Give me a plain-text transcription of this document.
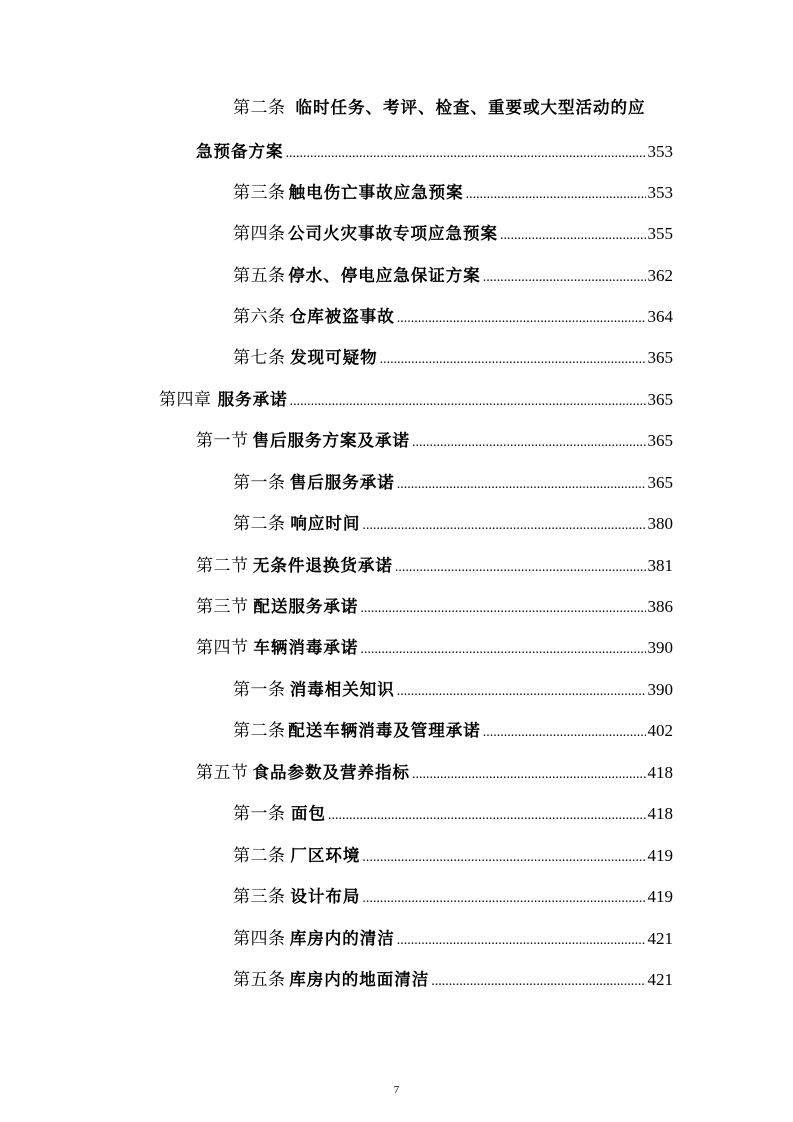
第二条 临时任务、考评、检查、重要或大型活动的应
急预备方案 .....	353
第三条 触电伤亡事故应急预案 .....	353
第四条 公司火灾事故专项应急预案 .....	355
第五条 停水、停电应急保证方案 .....	362
第六条 仓库被盗事故 .....	364
第七条 发现可疑物 .....	365
第四章 服务承诺 .....	365
第一节 售后服务方案及承诺 .....	365
第一条 售后服务承诺 .....	365
第二条 响应时间 .....	380
第二节 无条件退换货承诺 .....	381
第三节 配送服务承诺 .....	386
第四节 车辆消毒承诺 .....	390
第一条 消毒相关知识 .....	390
第二条 配送车辆消毒及管理承诺 .....	402
第五节 食品参数及营养指标 .....	418
第一条 面包 .....	418
第二条 厂区环境 .....	419
第三条 设计布局 .....	419
第四条 库房内的清洁 .....	421
第五条 库房内的地面清洁 .....	421
7
